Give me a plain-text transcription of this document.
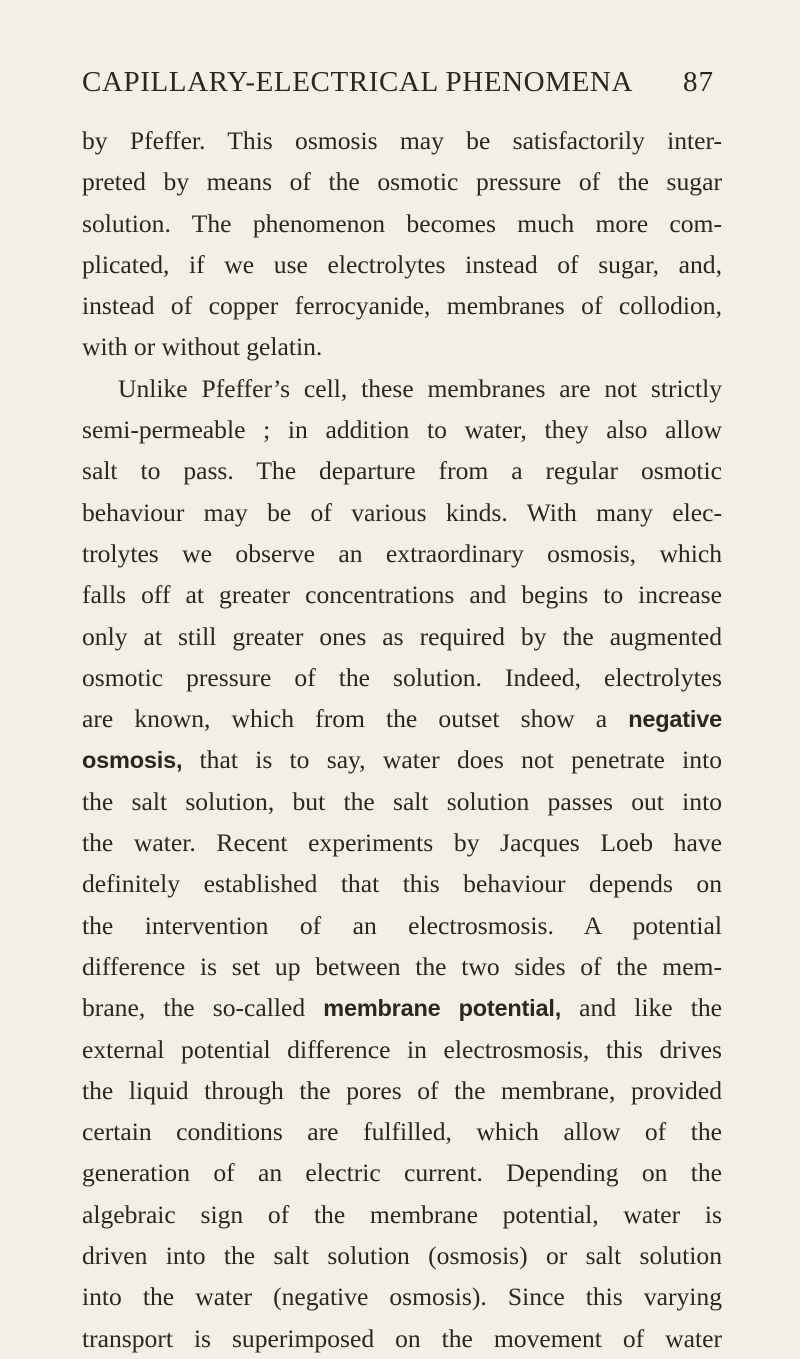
CAPILLARY-ELECTRICAL PHENOMENA 87
by Pfeffer. This osmosis may be satisfactorily inter-
preted by means of the osmotic pressure of the sugar
solution. The phenomenon becomes much more com-
plicated, if we use electrolytes instead of sugar, and,
instead of copper ferrocyanide, membranes of collodion,
with or without gelatin.
Unlike Pfeffer’s cell, these membranes are not strictly
semi-permeable ; in addition to water, they also allow
salt to pass. The departure from a regular osmotic
behaviour may be of various kinds. With many elec-
trolytes we observe an extraordinary osmosis, which
falls off at greater concentrations and begins to increase
only at still greater ones as required by the augmented
osmotic pressure of the solution. Indeed, electrolytes
are known, which from the outset show a negative
osmosis, that is to say, water does not penetrate into
the salt solution, but the salt solution passes out into
the water. Recent experiments by Jacques Loeb have
definitely established that this behaviour depends on
the intervention of an electrosmosis. A potential
difference is set up between the two sides of the mem-
brane, the so-called membrane potential, and like the
external potential difference in electrosmosis, this drives
the liquid through the pores of the membrane, provided
certain conditions are fulfilled, which allow of the
generation of an electric current. Depending on the
algebraic sign of the membrane potential, water is
driven into the salt solution (osmosis) or salt solution
into the water (negative osmosis). Since this varying
transport is superimposed on the movement of water
